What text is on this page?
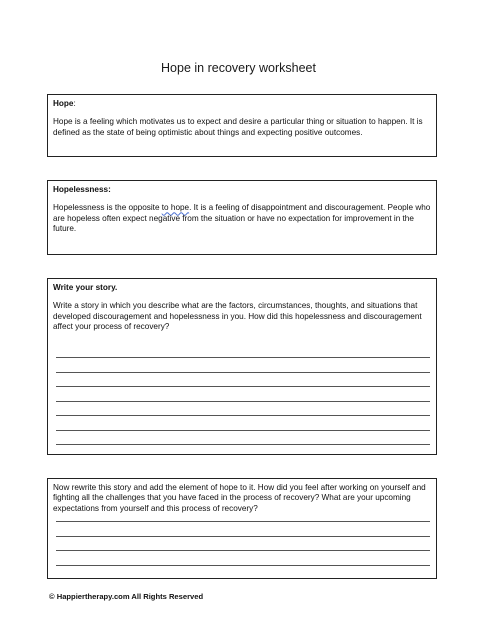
Hope in recovery worksheet
Hope:

Hope is a feeling which motivates us to expect and desire a particular thing or situation to happen. It is defined as the state of being optimistic about things and expecting positive outcomes.

Hopelessness:

Hopelessness is the opposite to hope. It is a feeling of disappointment and discouragement. People who are hopeless often expect negative from the situation or have no expectation for improvement in the future.

Write your story.

Write a story in which you describe what are the factors, circumstances, thoughts, and situations that developed discouragement and hopelessness in you. How did this hopelessness and discouragement affect your process of recovery?

Now rewrite this story and add the element of hope to it. How did you feel after working on yourself and fighting all the challenges that you have faced in the process of recovery? What are your upcoming expectations from yourself and this process of recovery?

© Happiertherapy.com All Rights Reserved
